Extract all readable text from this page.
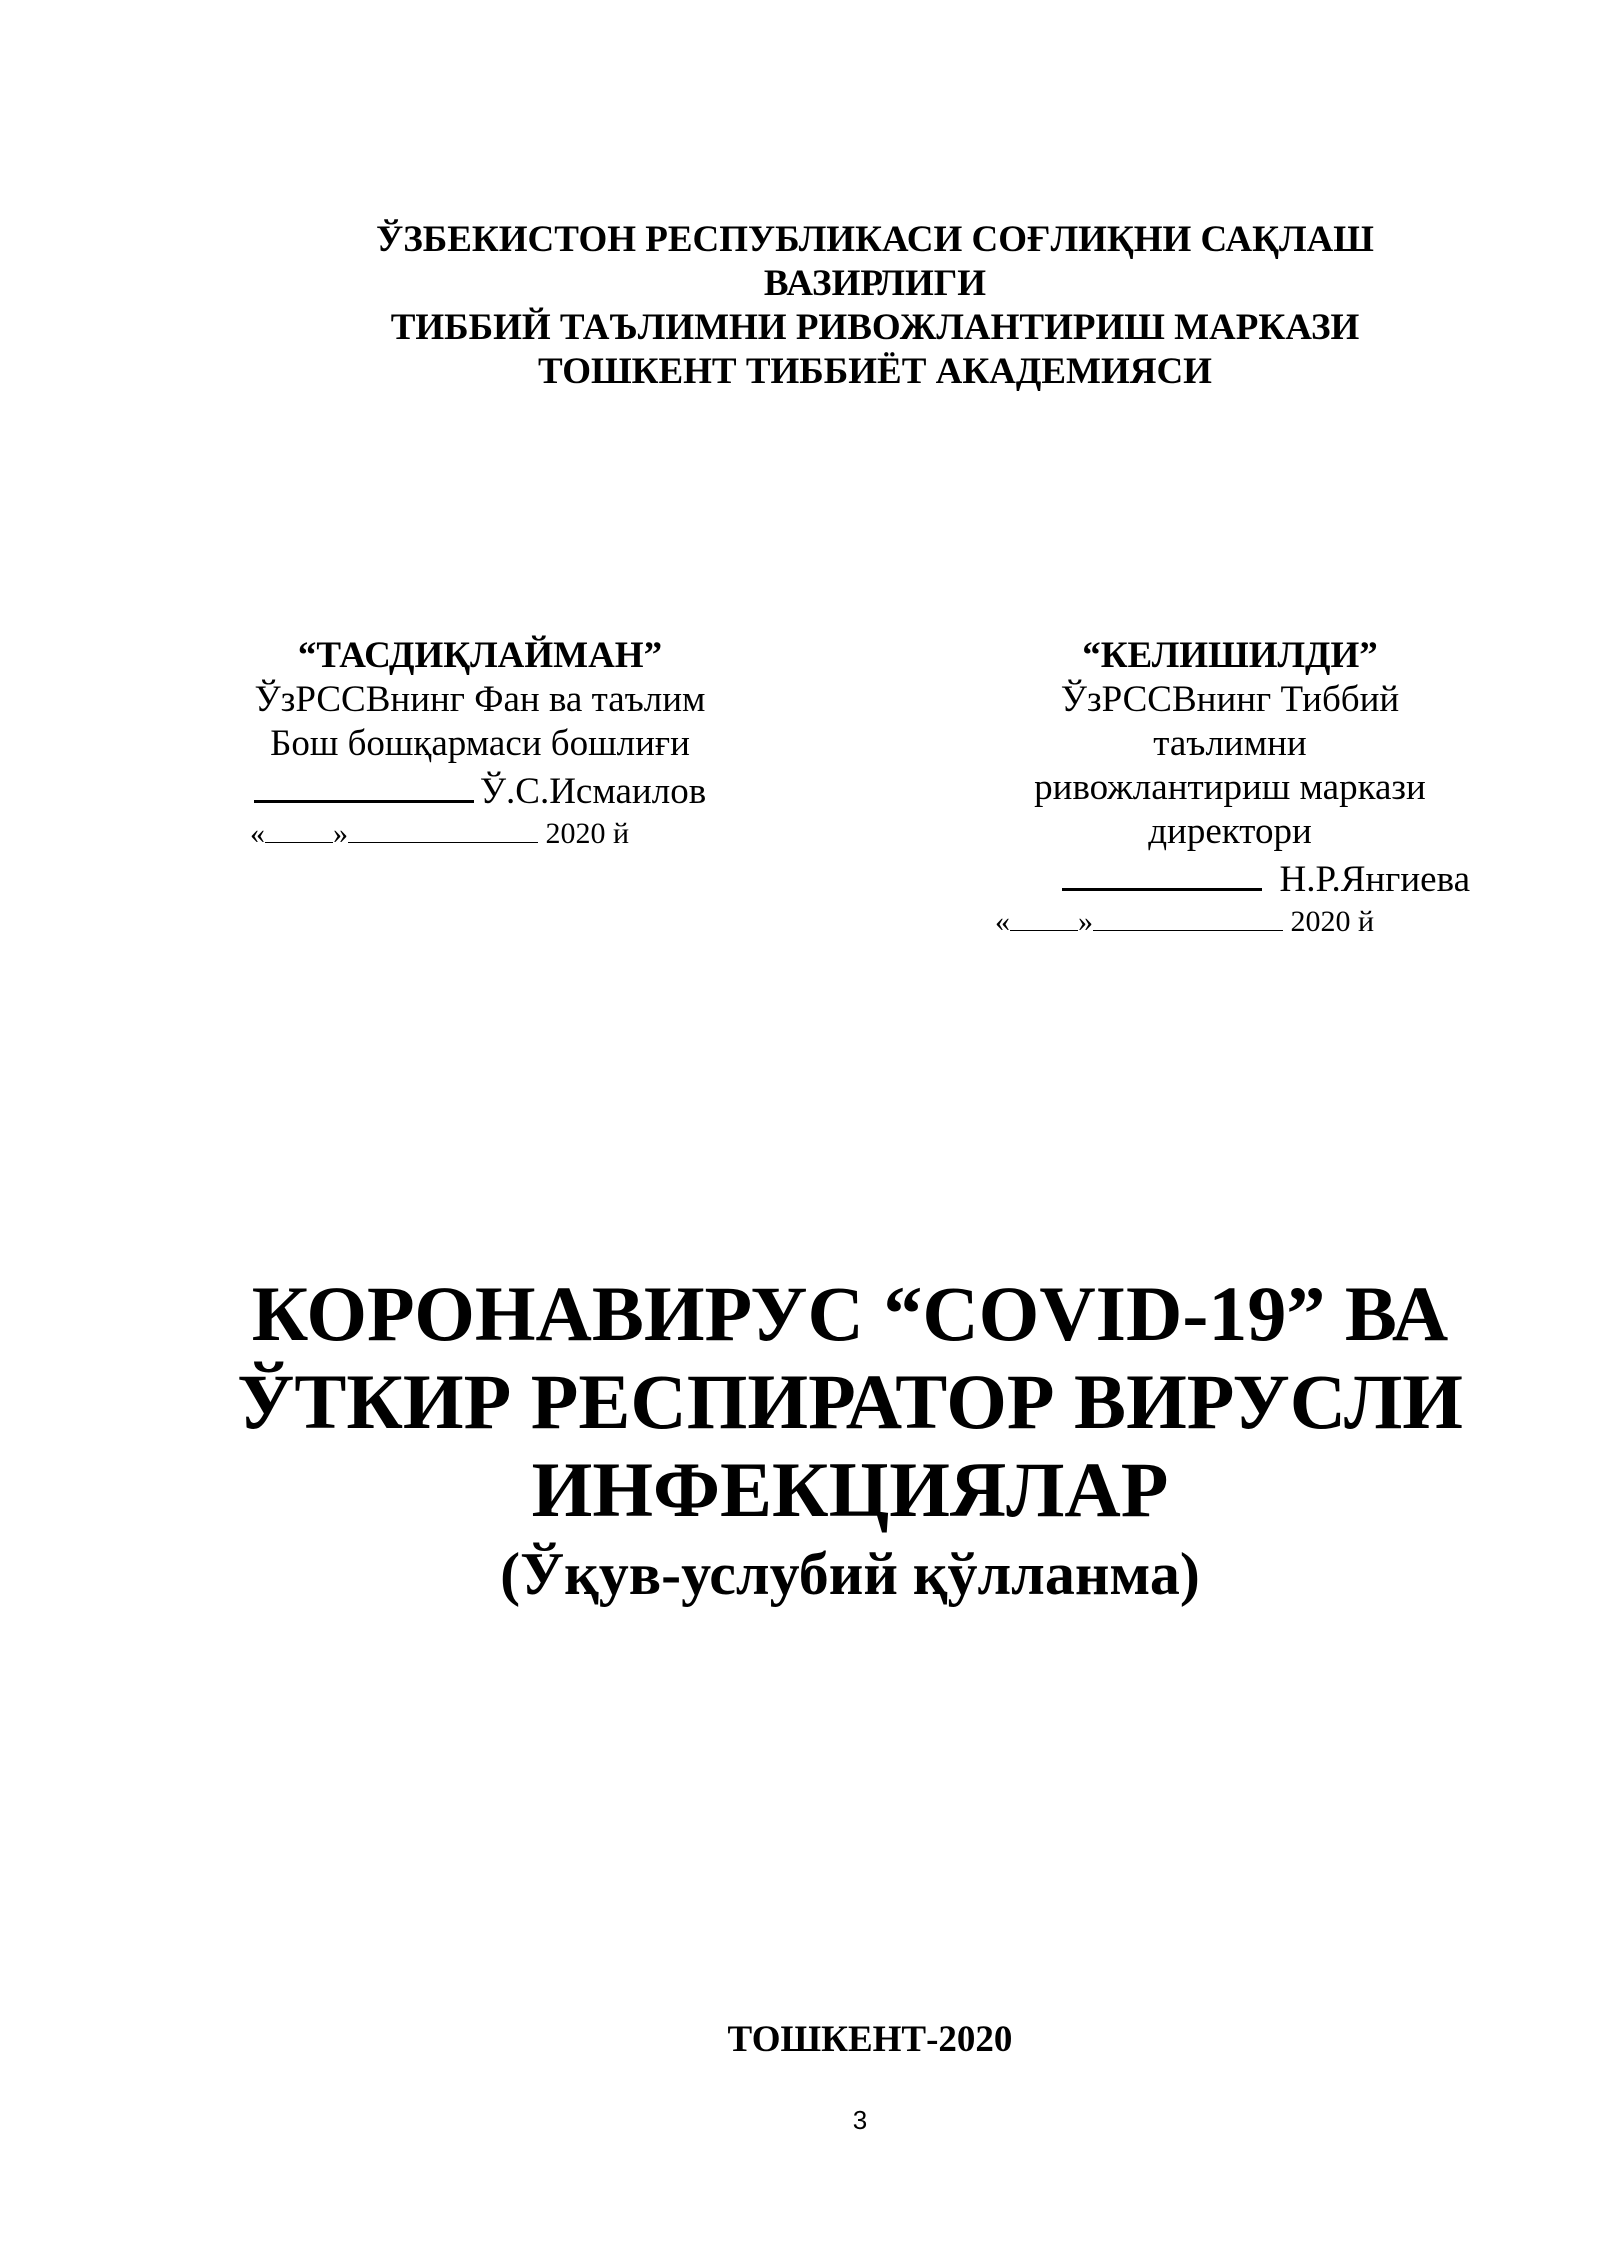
ЎЗБЕКИСТОН РЕСПУБЛИКАСИ СОҒЛИҚНИ САҚЛАШ
ВАЗИРЛИГИ
ТИББИЙ ТАЪЛИМНИ РИВОЖЛАНТИРИШ МАРКАЗИ
ТОШКЕНТ ТИББИЁТ АКАДЕМИЯСИ
“ТАСДИҚЛАЙМАН”
ЎзРССВнинг Фан ва таълим
Бош бошқармаси бошлиғи
Ў.С.Исмаилов
« »	2020 й
“КЕЛИШИЛДИ”
ЎзРССВнинг Тиббий
таълимни
ривожлантириш маркази
директори
Н.Р.Янгиева
« »	2020 й
КОРОНАВИРУС “COVID-19” ВА
ЎТКИР РЕСПИРАТОР ВИРУСЛИ
ИНФЕКЦИЯЛАР
(Ўқув-услубий қўлланма)
ТОШКЕНТ-2020
3
